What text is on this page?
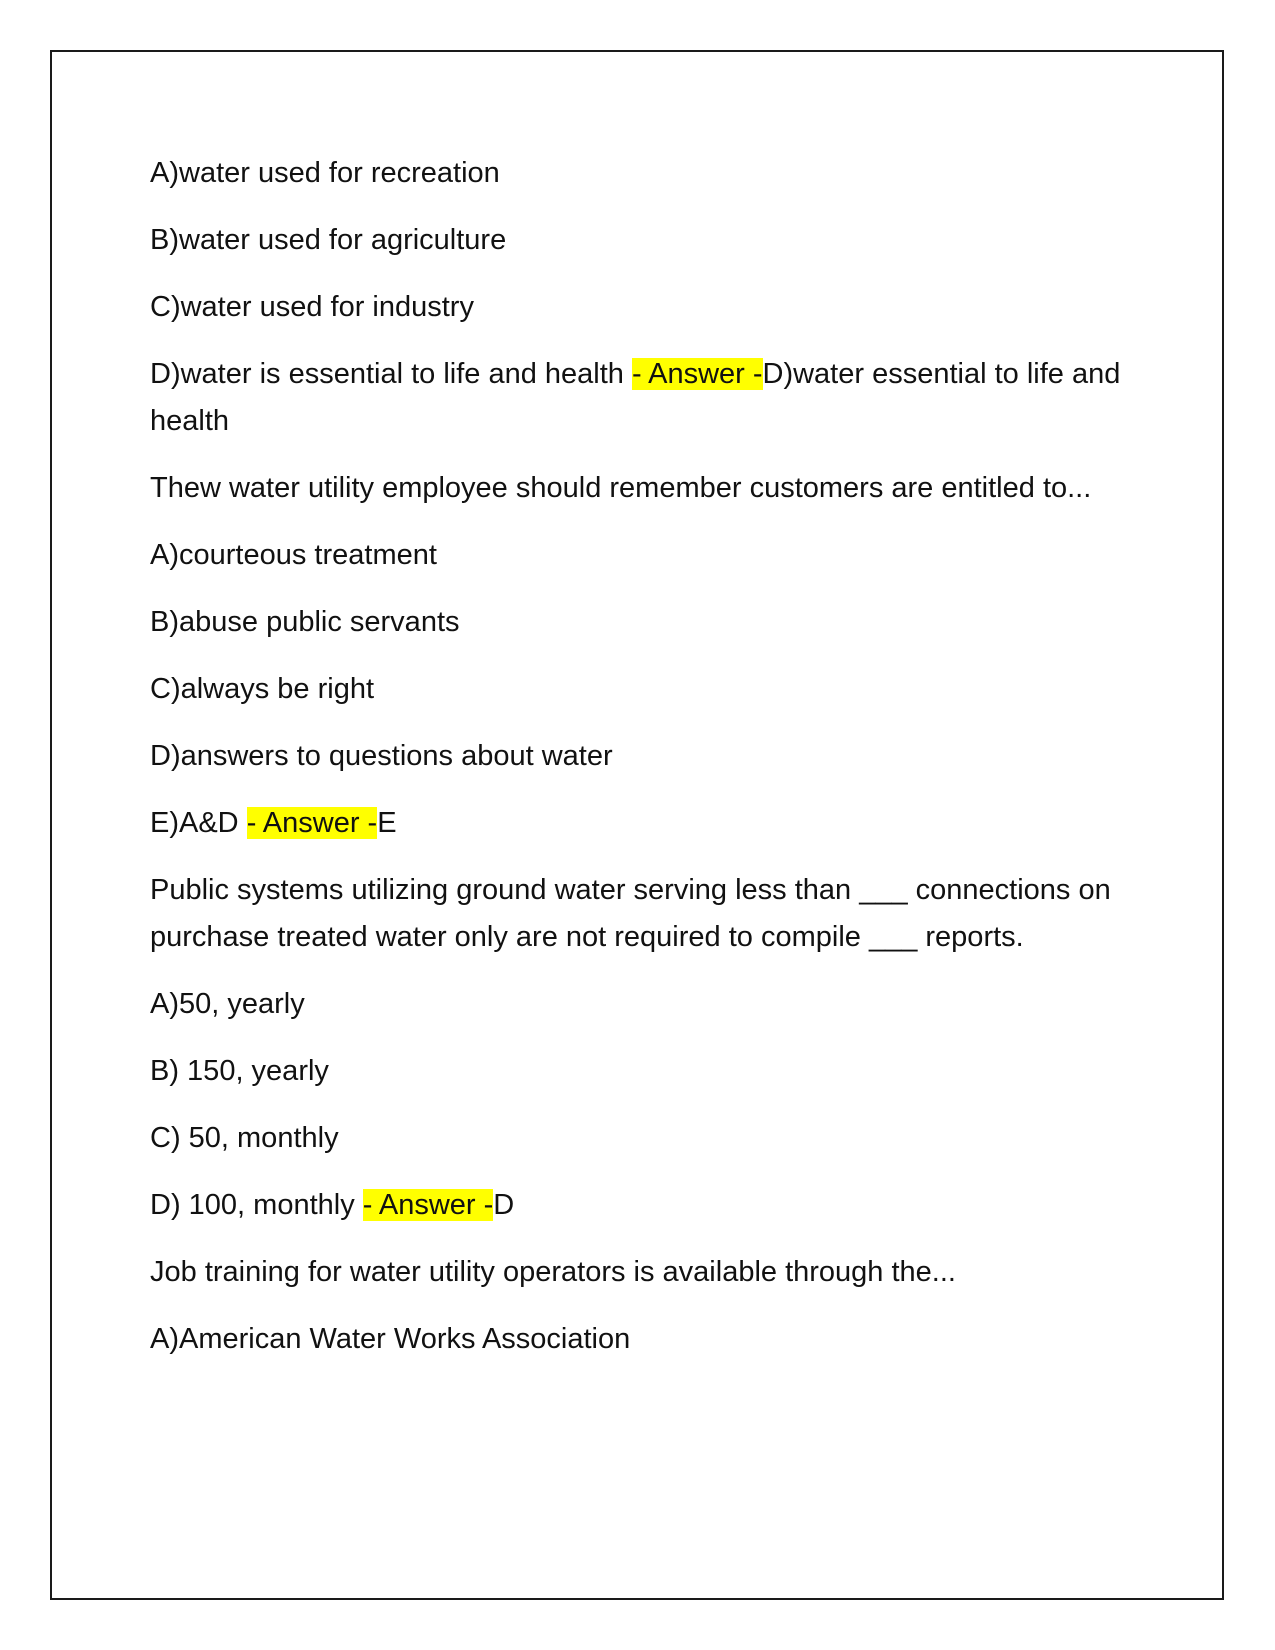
A)water used for recreation

B)water used for agriculture

C)water used for industry

D)water is essential to life and health - Answer -D)water essential to life and health

Thew water utility employee should remember customers are entitled to...

A)courteous treatment

B)abuse public servants

C)always be right

D)answers to questions about water

E)A&D - Answer -E

Public systems utilizing ground water serving less than ___ connections on purchase treated water only are not required to compile ___ reports.

A)50, yearly

B) 150, yearly

C) 50, monthly

D) 100, monthly - Answer -D

Job training for water utility operators is available through the...

A)American Water Works Association
